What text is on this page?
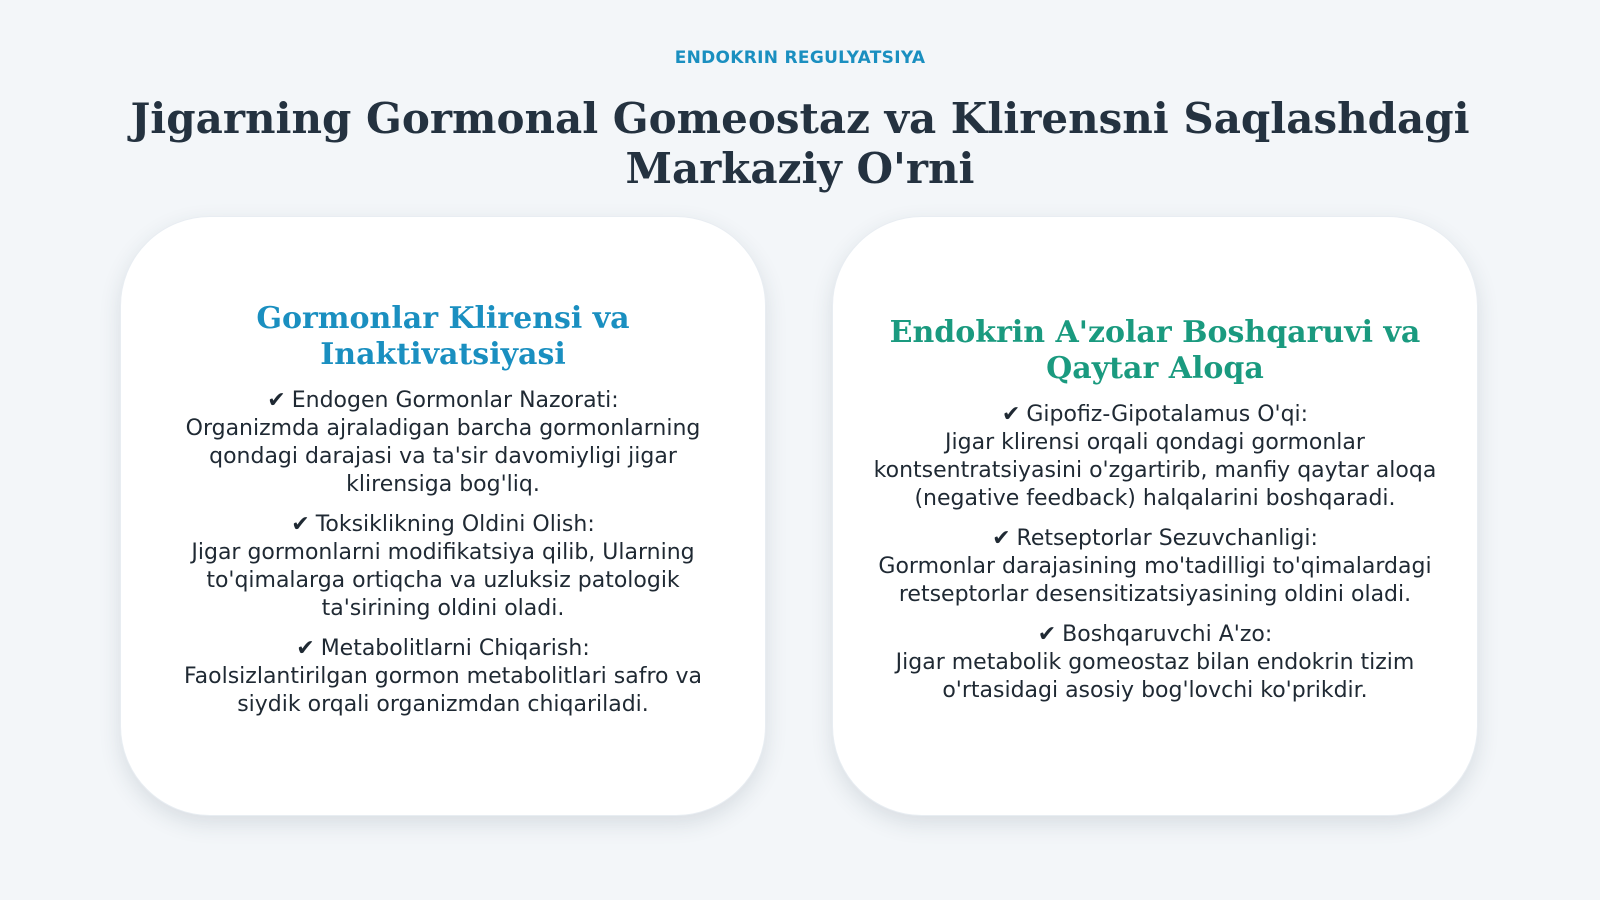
ENDOKRIN REGULYATSIYA
Jigarning Gormonal Gomeostaz va Klirensni Saqlashdagi Markaziy O'rni
Gormonlar Klirensi va Inaktivatsiyasi
✔ Endogen Gormonlar Nazorati:
Organizmda ajraladigan barcha gormonlarning qondagi darajasi va ta'sir davomiyligi jigar klirensiga bog'liq.
✔ Toksiklikning Oldini Olish:
Jigar gormonlarni modifikatsiya qilib, Ularning to'qimalarga ortiqcha va uzluksiz patologik ta'sirining oldini oladi.
✔ Metabolitlarni Chiqarish:
Faolsizlantirilgan gormon metabolitlari safro va siydik orqali organizmdan chiqariladi.
Endokrin A'zolar Boshqaruvi va Qaytar Aloqa
✔ Gipofiz-Gipotalamus O'qi:
Jigar klirensi orqali qondagi gormonlar kontsentratsiyasini o'zgartirib, manfiy qaytar aloqa (negative feedback) halqalarini boshqaradi.
✔ Retseptorlar Sezuvchanligi:
Gormonlar darajasining mo'tadilligi to'qimalardagi retseptorlar desensitizatsiyasining oldini oladi.
✔ Boshqaruvchi A'zo:
Jigar metabolik gomeostaz bilan endokrin tizim o'rtasidagi asosiy bog'lovchi ko'prikdir.
